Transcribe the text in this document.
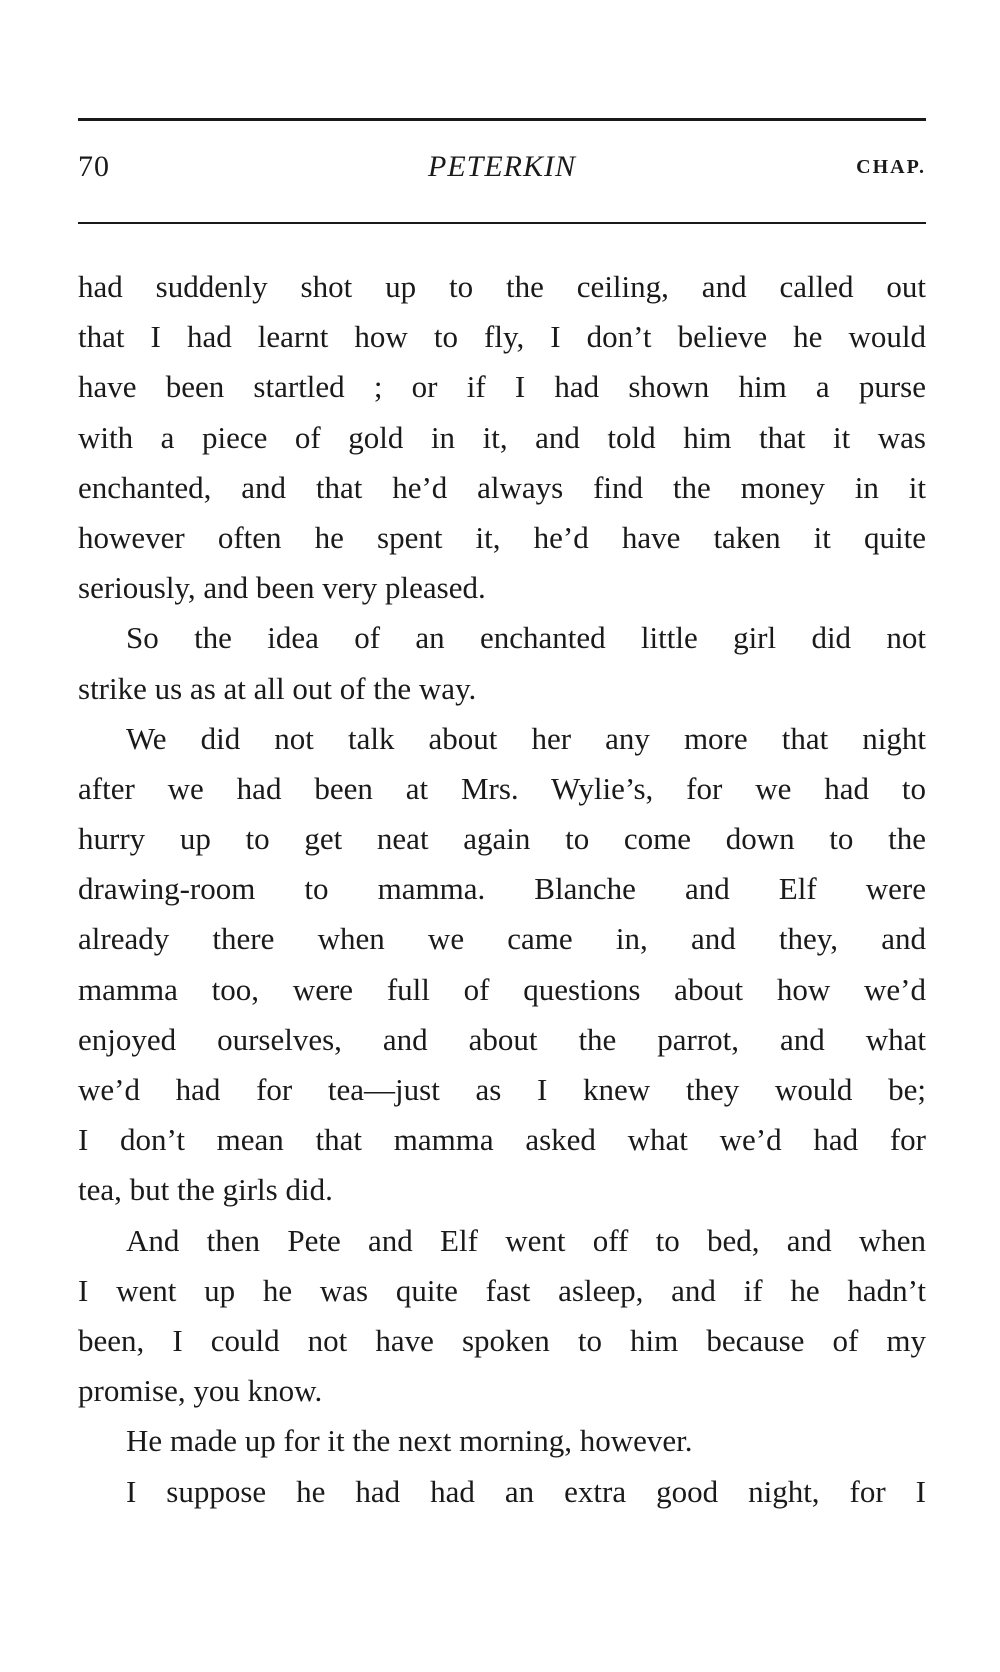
70	PETERKIN	CHAP.
had suddenly shot up to the ceiling, and called out
that I had learnt how to fly, I don’t believe he would
have been startled ; or if I had shown him a purse
with a piece of gold in it, and told him that it was
enchanted, and that he’d always find the money in it
however often he spent it, he’d have taken it quite
seriously, and been very pleased.
So the idea of an enchanted little girl did not
strike us as at all out of the way.
We did not talk about her any more that night
after we had been at Mrs. Wylie’s, for we had to
hurry up to get neat again to come down to the
drawing-room to mamma. Blanche and Elf were
already there when we came in, and they, and
mamma too, were full of questions about how we’d
enjoyed ourselves, and about the parrot, and what
we’d had for tea—just as I knew they would be;
I don’t mean that mamma asked what we’d had for
tea, but the girls did.
And then Pete and Elf went off to bed, and when
I went up he was quite fast asleep, and if he hadn’t
been, I could not have spoken to him because of my
promise, you know.
He made up for it the next morning, however.
I suppose he had had an extra good night, for I
